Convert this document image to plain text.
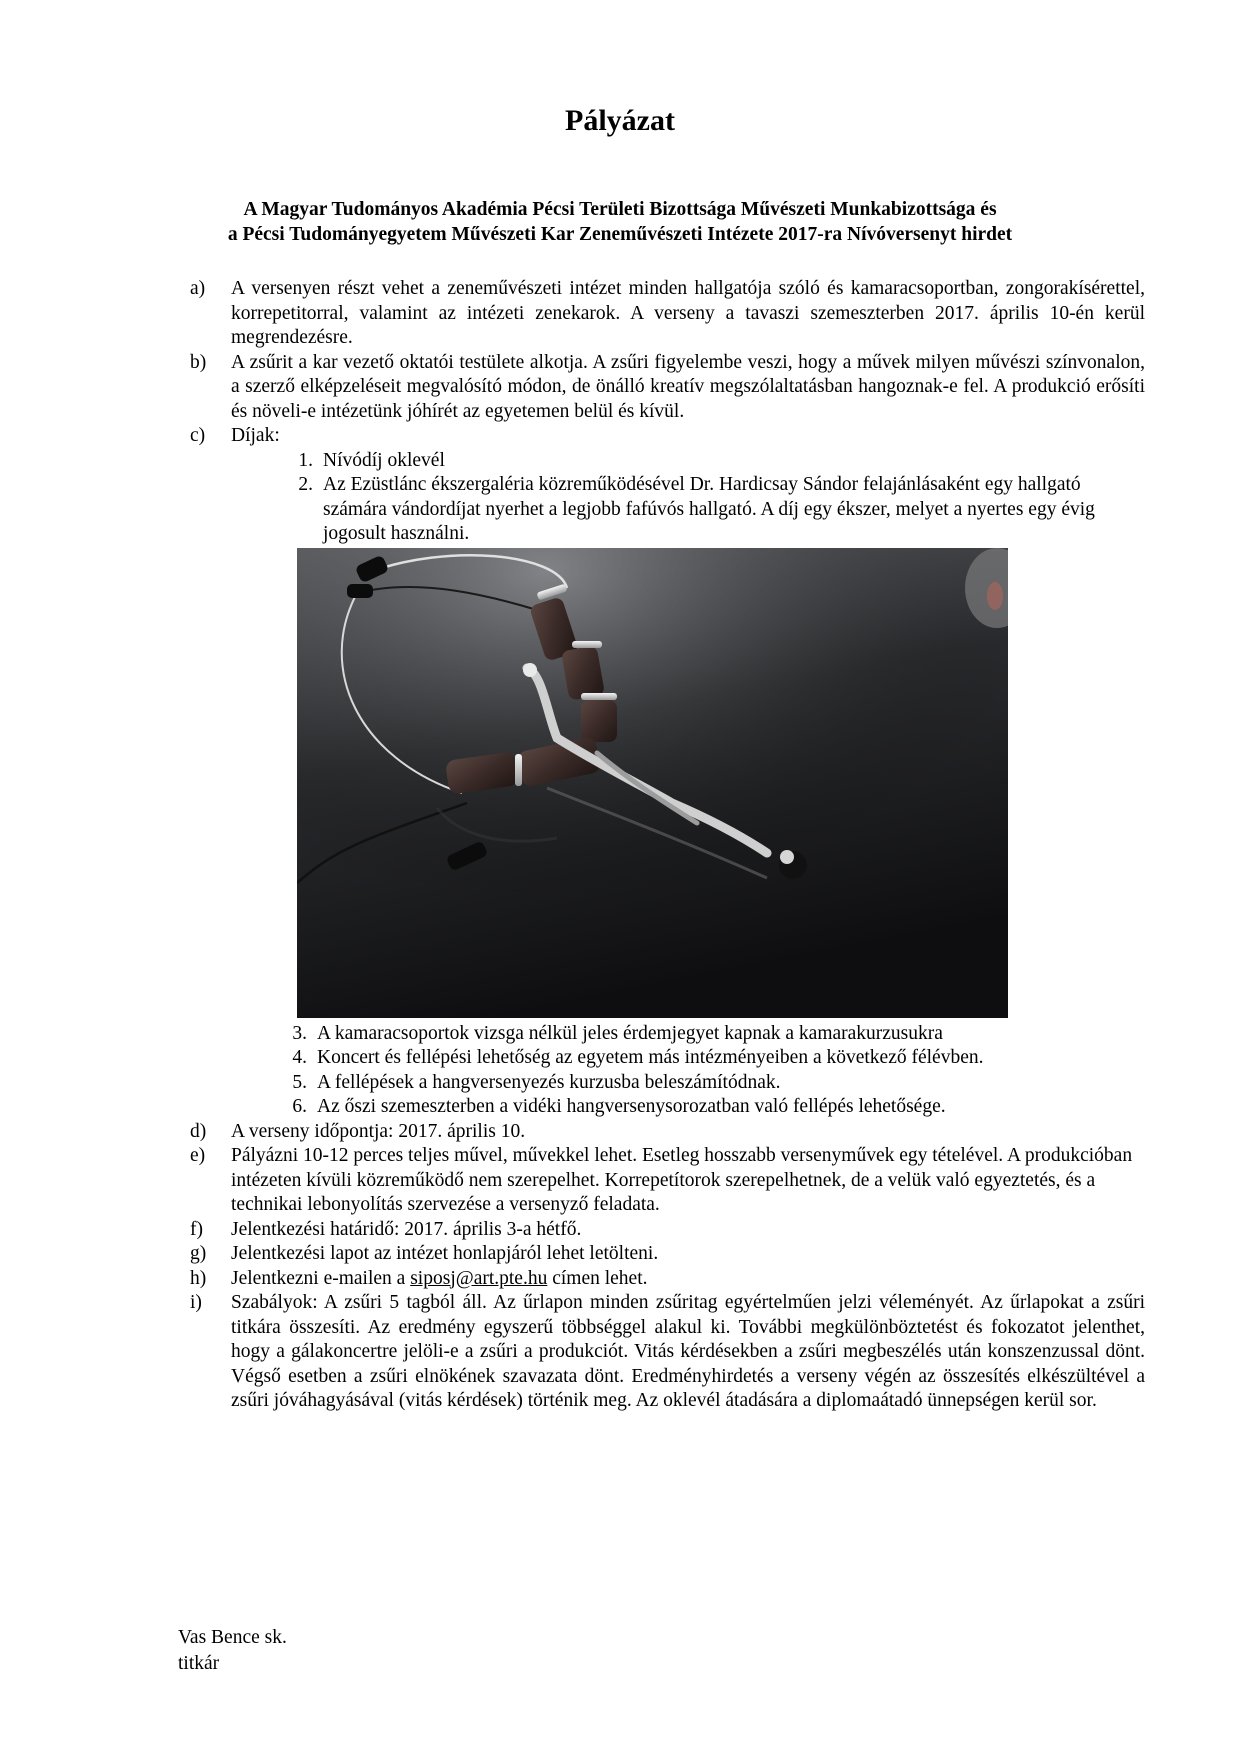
Pályázat
A Magyar Tudományos Akadémia Pécsi Területi Bizottsága Művészeti Munkabizottsága és
a Pécsi Tudományegyetem Művészeti Kar Zeneművészeti Intézete 2017-ra Nívóversenyt hirdet
a) A versenyen részt vehet a zeneművészeti intézet minden hallgatója szóló és kamaracsoportban, zongorakísérettel, korrepetitorral, valamint az intézeti zenekarok. A verseny a tavaszi szemeszterben 2017. április 10-én kerül megrendezésre.
b) A zsűrit a kar vezető oktatói testülete alkotja. A zsűri figyelembe veszi, hogy a művek milyen művészi színvonalon, a szerző elképzeléseit megvalósító módon, de önálló kreatív megszólaltatásban hangoznak-e fel. A produkció erősíti és növeli-e intézetünk jóhírét az egyetemen belül és kívül.
c) Díjak:
1. Nívódíj oklevél
2. Az Ezüstlánc ékszergaléria közreműködésével Dr. Hardicsay Sándor felajánlásaként egy hallgató számára vándordíjat nyerhet a legjobb fafúvós hallgató. A díj egy ékszer, melyet a nyertes egy évig jogosult használni.
3. A kamaracsoportok vizsga nélkül jeles érdemjegyet kapnak a kamarakurzusukra
4. Koncert és fellépési lehetőség az egyetem más intézményeiben a következő félévben.
5. A fellépések a hangversenyezés kurzusba beleszámítódnak.
6. Az őszi szemeszterben a vidéki hangversenysorozatban való fellépés lehetősége.
d) A verseny időpontja: 2017. április 10.
e) Pályázni 10-12 perces teljes művel, művekkel lehet. Esetleg hosszabb versenyművek egy tételével. A produkcióban intézeten kívüli közreműködő nem szerepelhet. Korrepetítorok szerepelhetnek, de a velük való egyeztetés, és a technikai lebonyolítás szervezése a versenyző feladata.
f) Jelentkezési határidő: 2017. április 3-a hétfő.
g) Jelentkezési lapot az intézet honlapjáról lehet letölteni.
h) Jelentkezni e-mailen a siposj@art.pte.hu címen lehet.
i) Szabályok: A zsűri 5 tagból áll. Az űrlapon minden zsűritag egyértelműen jelzi véleményét. Az űrlapokat a zsűri titkára összesíti. Az eredmény egyszerű többséggel alakul ki. További megkülönböztetést és fokozatot jelenthet, hogy a gálakoncertre jelöli-e a zsűri a produkciót. Vitás kérdésekben a zsűri megbeszélés után konszenzussal dönt. Végső esetben a zsűri elnökének szavazata dönt. Eredményhirdetés a verseny végén az összesítés elkészültével a zsűri jóváhagyásával (vitás kérdések) történik meg. Az oklevél átadására a diplomaátadó ünnepségen kerül sor.
Vas Bence sk.
titkár
